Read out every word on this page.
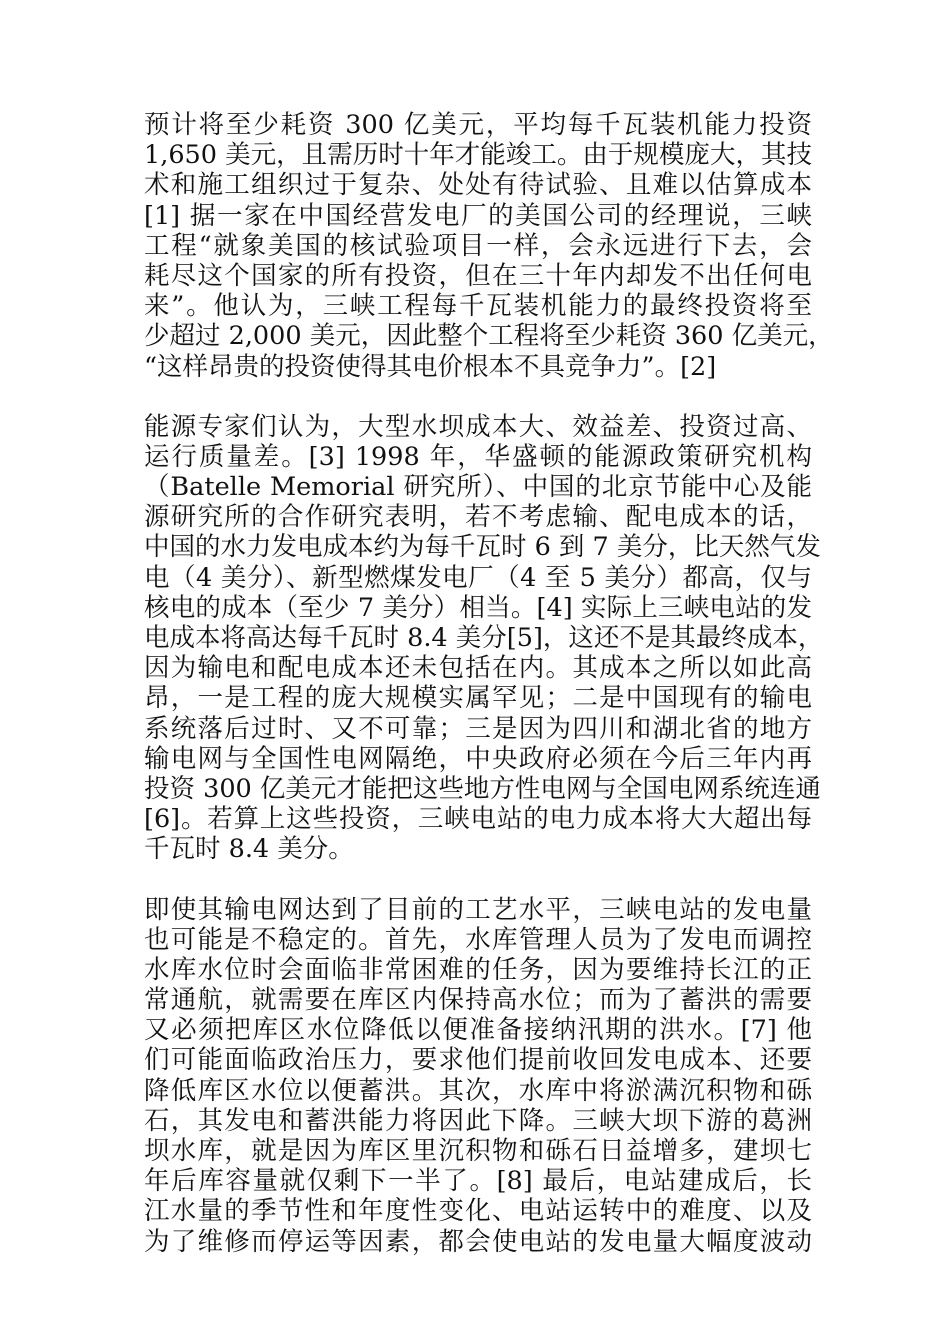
预计将至少耗资 300 亿美元，平均每千瓦装机能力投资
1,650 美元，且需历时十年才能竣工。由于规模庞大，其技
术和施工组织过于复杂、处处有待试验、且难以估算成本
[1] 据一家在中国经营发电厂的美国公司的经理说，三峡
工程“就象美国的核试验项目一样，会永远进行下去，会
耗尽这个国家的所有投资，但在三十年内却发不出任何电
来”。他认为，三峡工程每千瓦装机能力的最终投资将至
少超过 2,000 美元，因此整个工程将至少耗资 360 亿美元，
“这样昂贵的投资使得其电价根本不具竞争力”。[2]
能源专家们认为，大型水坝成本大、效益差、投资过高、
运行质量差。[3] 1998 年，华盛顿的能源政策研究机构
（Batelle Memorial 研究所）、中国的北京节能中心及能
源研究所的合作研究表明，若不考虑输、配电成本的话，
中国的水力发电成本约为每千瓦时 6 到 7 美分，比天然气发
电（4 美分）、新型燃煤发电厂（4 至 5 美分）都高，仅与
核电的成本（至少 7 美分）相当。[4] 实际上三峡电站的发
电成本将高达每千瓦时 8.4 美分[5]，这还不是其最终成本，
因为输电和配电成本还未包括在内。其成本之所以如此高
昂，一是工程的庞大规模实属罕见；二是中国现有的输电
系统落后过时、又不可靠；三是因为四川和湖北省的地方
输电网与全国性电网隔绝，中央政府必须在今后三年内再
投资 300 亿美元才能把这些地方性电网与全国电网系统连通
[6]。若算上这些投资，三峡电站的电力成本将大大超出每
千瓦时 8.4 美分。
即使其输电网达到了目前的工艺水平，三峡电站的发电量
也可能是不稳定的。首先，水库管理人员为了发电而调控
水库水位时会面临非常困难的任务，因为要维持长江的正
常通航，就需要在库区内保持高水位；而为了蓄洪的需要
又必须把库区水位降低以便准备接纳汛期的洪水。[7] 他
们可能面临政治压力，要求他们提前收回发电成本、还要
降低库区水位以便蓄洪。其次，水库中将淤满沉积物和砾
石，其发电和蓄洪能力将因此下降。三峡大坝下游的葛洲
坝水库，就是因为库区里沉积物和砾石日益增多，建坝七
年后库容量就仅剩下一半了。[8] 最后，电站建成后，长
江水量的季节性和年度性变化、电站运转中的难度、以及
为了维修而停运等因素，都会使电站的发电量大幅度波动
